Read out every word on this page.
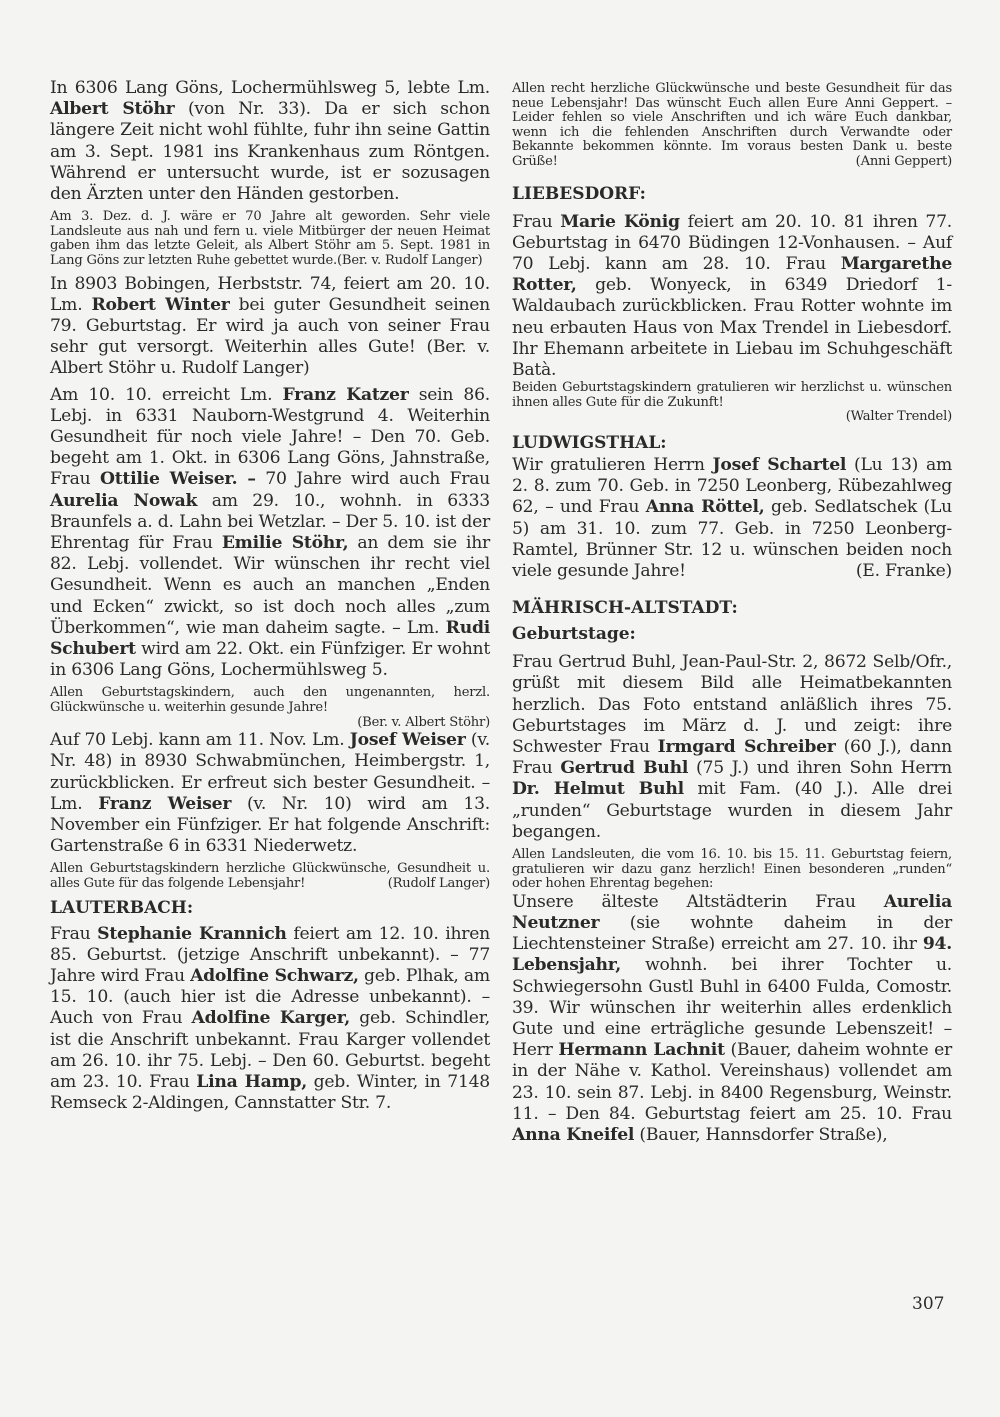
In 6306 Lang Göns, Lochermühlsweg 5, lebte Lm. Albert Stöhr (von Nr. 33). Da er sich schon längere Zeit nicht wohl fühlte, fuhr ihn seine Gattin am 3. Sept. 1981 ins Krankenhaus zum Röntgen. Während er untersucht wurde, ist er sozusagen den Ärzten unter den Händen gestorben.

Am 3. Dez. d. J. wäre er 70 Jahre alt geworden. Sehr viele Landsleute aus nah und fern u. viele Mitbürger der neuen Heimat gaben ihm das letzte Geleit, als Albert Stöhr am 5. Sept. 1981 in Lang Göns zur letzten Ruhe gebettet wurde.(Ber. v. Rudolf Langer)

In 8903 Bobingen, Herbststr. 74, feiert am 20. 10. Lm. Robert Winter bei guter Gesundheit seinen 79. Geburtstag. Er wird ja auch von seiner Frau sehr gut versorgt. Weiterhin alles Gute! (Ber. v. Albert Stöhr u. Rudolf Langer)

Am 10. 10. erreicht Lm. Franz Katzer sein 86. Lebj. in 6331 Nauborn-Westgrund 4. Weiterhin Gesundheit für noch viele Jahre! – Den 70. Geb. begeht am 1. Okt. in 6306 Lang Göns, Jahnstraße, Frau Ottilie Weiser. – 70 Jahre wird auch Frau Aurelia Nowak am 29. 10., wohnh. in 6333 Braunfels a. d. Lahn bei Wetzlar. – Der 5. 10. ist der Ehrentag für Frau Emilie Stöhr, an dem sie ihr 82. Lebj. vollendet. Wir wünschen ihr recht viel Gesundheit. Wenn es auch an manchen „Enden und Ecken“ zwickt, so ist doch noch alles „zum Überkommen“, wie man daheim sagte. – Lm. Rudi Schubert wird am 22. Okt. ein Fünfziger. Er wohnt in 6306 Lang Göns, Lochermühlsweg 5.

Allen Geburtstagskindern, auch den ungenannten, herzl. Glückwünsche u. weiterhin gesunde Jahre!
(Ber. v. Albert Stöhr)

Auf 70 Lebj. kann am 11. Nov. Lm. Josef Weiser (v. Nr. 48) in 8930 Schwabmünchen, Heimbergstr. 1, zurückblicken. Er erfreut sich bester Gesundheit. – Lm. Franz Weiser (v. Nr. 10) wird am 13. November ein Fünfziger. Er hat folgende Anschrift: Gartenstraße 6 in 6331 Niederwetz.

Allen Geburtstagskindern herzliche Glückwünsche, Gesundheit u. alles Gute für das folgende Lebensjahr!	(Rudolf Langer)

LAUTERBACH:

Frau Stephanie Krannich feiert am 12. 10. ihren 85. Geburtst. (jetzige Anschrift unbekannt). – 77 Jahre wird Frau Adolfine Schwarz, geb. Plhak, am 15. 10. (auch hier ist die Adresse unbekannt). – Auch von Frau Adolfine Karger, geb. Schindler, ist die Anschrift unbekannt. Frau Karger vollendet am 26. 10. ihr 75. Lebj. – Den 60. Geburtst. begeht am 23. 10. Frau Lina Hamp, geb. Winter, in 7148 Remseck 2-Aldingen, Cannstatter Str. 7.

Allen recht herzliche Glückwünsche und beste Gesundheit für das neue Lebensjahr! Das wünscht Euch allen Eure Anni Geppert. – Leider fehlen so viele Anschriften und ich wäre Euch dankbar, wenn ich die fehlenden Anschriften durch Verwandte oder Bekannte bekommen könnte. Im voraus besten Dank u. beste Grüße!	(Anni Geppert)

LIEBESDORF:

Frau Marie König feiert am 20. 10. 81 ihren 77. Geburtstag in 6470 Büdingen 12-Vonhausen. – Auf 70 Lebj. kann am 28. 10. Frau Margarethe Rotter, geb. Wonyeck, in 6349 Driedorf 1-Waldaubach zurückblicken. Frau Rotter wohnte im neu erbauten Haus von Max Trendel in Liebesdorf. Ihr Ehemann arbeitete in Liebau im Schuhgeschäft Batà.

Beiden Geburtstagskindern gratulieren wir herzlichst u. wünschen ihnen alles Gute für die Zukunft!
(Walter Trendel)

LUDWIGSTHAL:

Wir gratulieren Herrn Josef Schartel (Lu 13) am 2. 8. zum 70. Geb. in 7250 Leonberg, Rübezahlweg 62, – und Frau Anna Röttel, geb. Sedlatschek (Lu 5) am 31. 10. zum 77. Geb. in 7250 Leonberg-Ramtel, Brünner Str. 12 u. wünschen beiden noch viele gesunde Jahre!	(E. Franke)

MÄHRISCH-ALTSTADT:
Geburtstage:

Frau Gertrud Buhl, Jean-Paul-Str. 2, 8672 Selb/Ofr., grüßt mit diesem Bild alle Heimatbekannten herzlich. Das Foto entstand anläßlich ihres 75. Geburtstages im März d. J. und zeigt: ihre Schwester Frau Irmgard Schreiber (60 J.), dann Frau Gertrud Buhl (75 J.) und ihren Sohn Herrn Dr. Helmut Buhl mit Fam. (40 J.). Alle drei „runden“ Geburtstage wurden in diesem Jahr begangen.

Allen Landsleuten, die vom 16. 10. bis 15. 11. Geburtstag feiern, gratulieren wir dazu ganz herzlich! Einen besonderen „runden“ oder hohen Ehrentag begehen:

Unsere älteste Altstädterin Frau Aurelia Neutzner (sie wohnte daheim in der Liechtensteiner Straße) erreicht am 27. 10. ihr 94. Lebensjahr, wohnh. bei ihrer Tochter u. Schwiegersohn Gustl Buhl in 6400 Fulda, Comostr. 39. Wir wünschen ihr weiterhin alles erdenklich Gute und eine erträgliche gesunde Lebenszeit! – Herr Hermann Lachnit (Bauer, daheim wohnte er in der Nähe v. Kathol. Vereinshaus) vollendet am 23. 10. sein 87. Lebj. in 8400 Regensburg, Weinstr. 11. – Den 84. Geburtstag feiert am 25. 10. Frau Anna Kneifel (Bauer, Hannsdorfer Straße),

307
